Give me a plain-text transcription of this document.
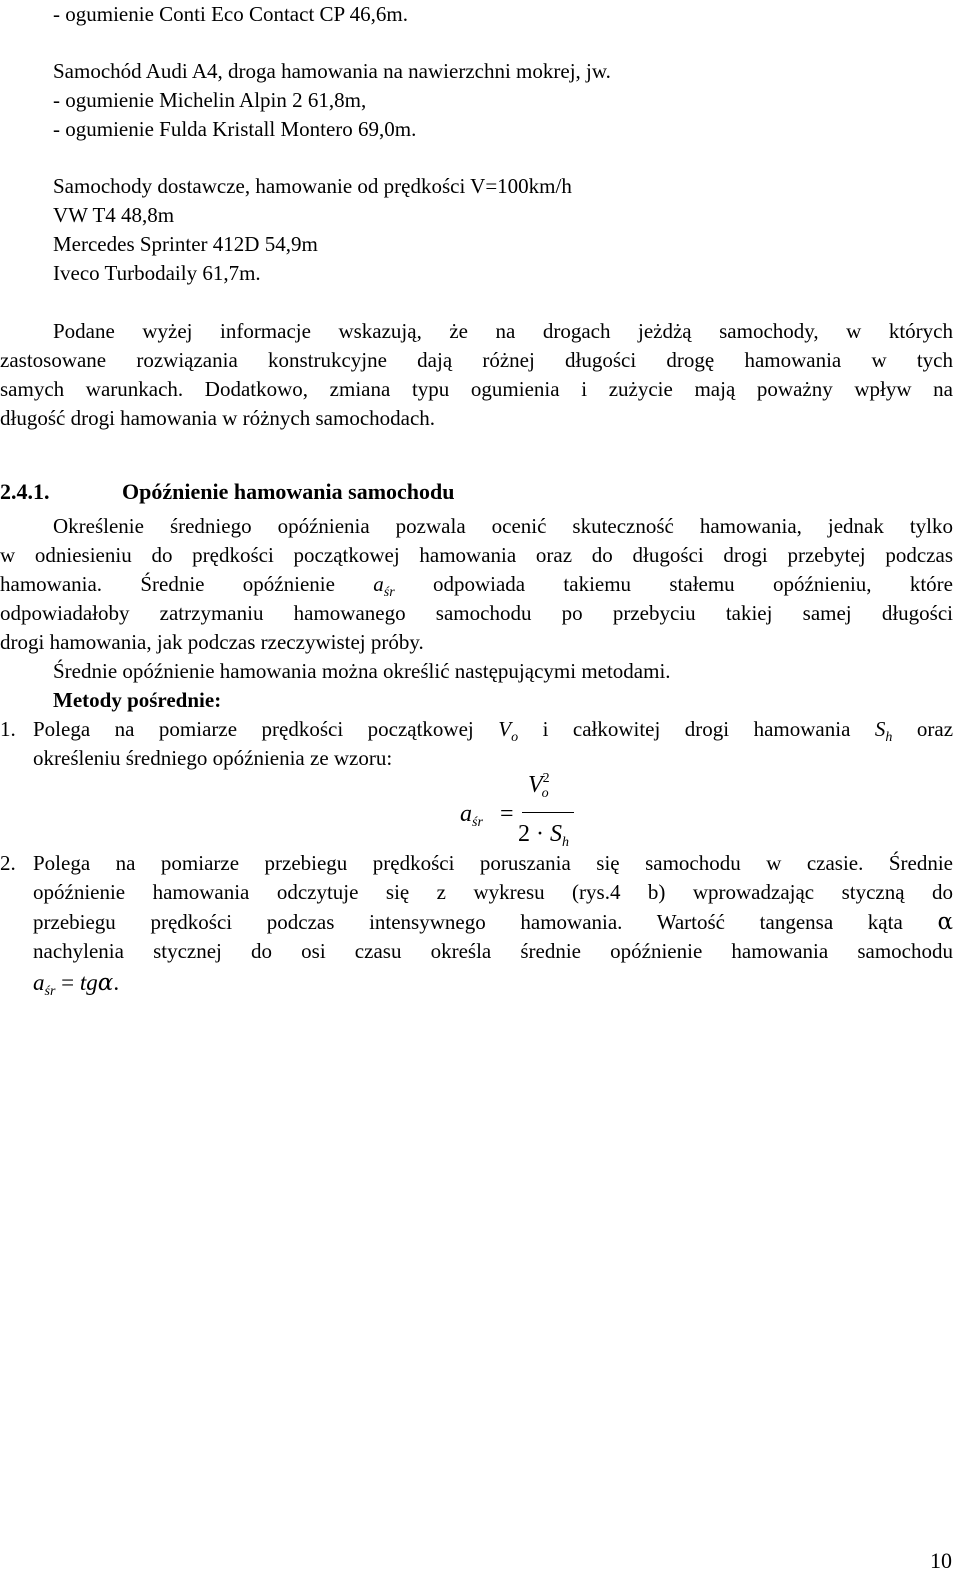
- ogumienie Conti Eco Contact CP 46,6m.
Samochód Audi A4, droga hamowania na nawierzchni mokrej, jw.
- ogumienie Michelin Alpin 2 61,8m,
- ogumienie Fulda Kristall Montero 69,0m.
Samochody dostawcze, hamowanie od prędkości V=100km/h
VW T4 48,8m
Mercedes Sprinter 412D 54,9m
Iveco Turbodaily 61,7m.
Podane wyżej informacje wskazują, że na drogach jeżdżą samochody, w których
zastosowane rozwiązania konstrukcyjne dają różnej długości drogę hamowania w tych
samych warunkach. Dodatkowo, zmiana typu ogumienia i zużycie mają poważny wpływ na
długość drogi hamowania w różnych samochodach.
2.4.1.	Opóźnienie hamowania samochodu
Określenie średniego opóźnienia pozwala ocenić skuteczność hamowania, jednak tylko
w odniesieniu do prędkości początkowej hamowania oraz do długości drogi przebytej podczas
hamowania. Średnie opóźnienie $a_{śr}$ odpowiada takiemu stałemu opóźnieniu, które
odpowiadałoby zatrzymaniu hamowanego samochodu po przebyciu takiej samej długości
drogi hamowania, jak podczas rzeczywistej próby.
Średnie opóźnienie hamowania można określić następującymi metodami.
Metody pośrednie:
1. Polega na pomiarze prędkości początkowej $V_o$ i całkowitej drogi hamowania $S_h$ oraz
określeniu średniego opóźnienia ze wzoru:
$a_{śr}$ =
$V^2_o$
$2 \cdot S_h$
2. Polega na pomiarze przebiegu prędkości poruszania się samochodu w czasie. Średnie
opóźnienie hamowania odczytuje się z wykresu (rys.4 b) wprowadzając styczną do
przebiegu prędkości podczas intensywnego hamowania. Wartość tangensa kąta α
nachylenia stycznej do osi czasu określa średnie opóźnienie hamowania samochodu
$a_{śr} = tg\alpha$.
10
